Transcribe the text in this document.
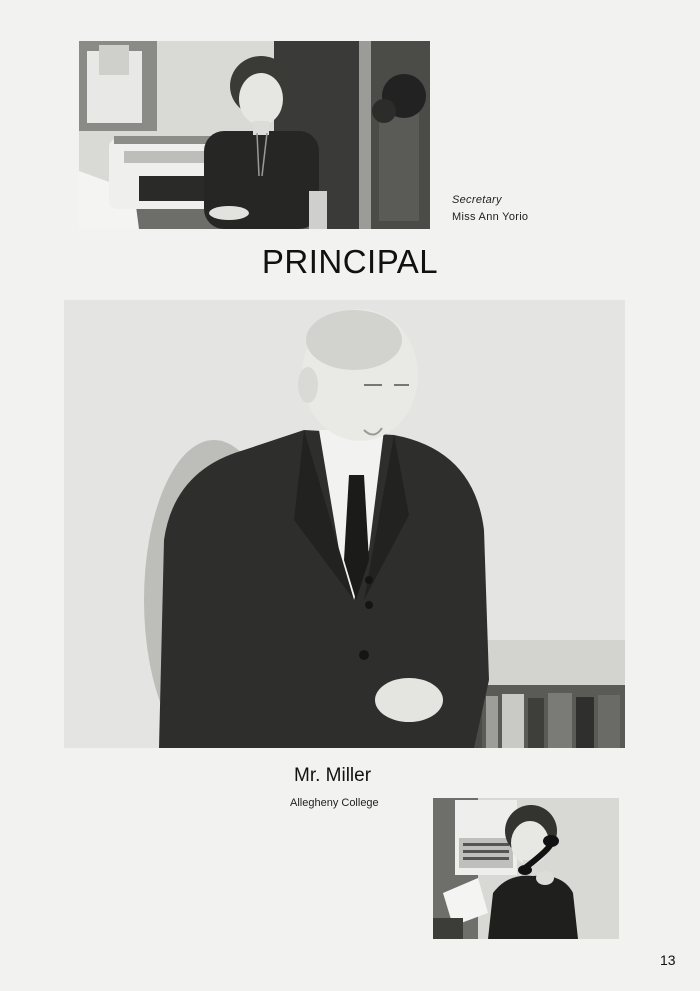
Secretary
Miss Ann Yorio
PRINCIPAL
Mr. Miller
Allegheny College
13
